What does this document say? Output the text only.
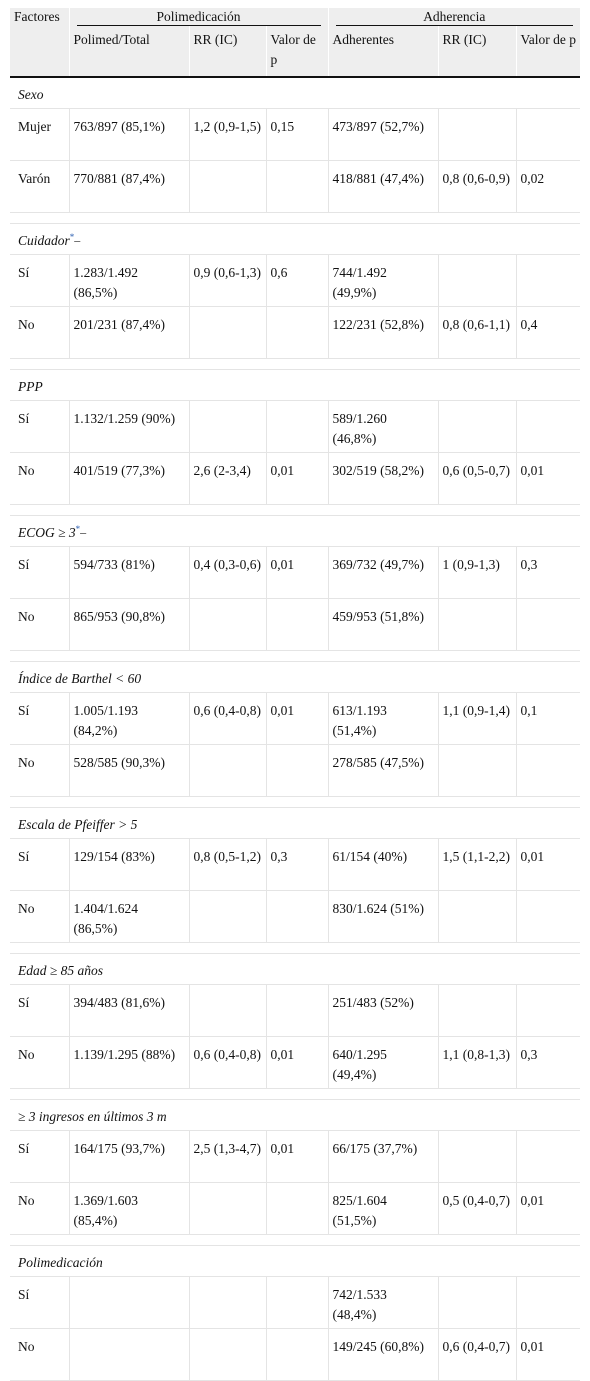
Factores	Polimedicación			Adherencia		

	Polimed/Total	RR (IC)	Valor de p	Adherentes	RR (IC)	Valor de p
Sexo						
Mujer	763/897 (85,1%)	1,2 (0,9-1,5)	0,15	473/897 (52,7%)		
Varón	770/881 (87,4%)			418/881 (47,4%)	0,8 (0,6-0,9)	0,02

Cuidador* –
Sí	1.283/1.492 (86,5%)	0,9 (0,6-1,3)	0,6	744/1.492 (49,9%)		
No	201/231 (87,4%)			122/231 (52,8%)	0,8 (0,6-1,1)	0,4

PPP						
Sí	1.132/1.259 (90%)			589/1.260 (46,8%)		
No	401/519 (77,3%)	2,6 (2-3,4)	0,01	302/519 (58,2%)	0,6 (0,5-0,7)	0,01

ECOG ≥ 3* –
Sí	594/733 (81%)	0,4 (0,3-0,6)	0,01	369/732 (49,7%)	1 (0,9-1,3)	0,3
No	865/953 (90,8%)			459/953 (51,8%)		

Índice de Barthel < 60						
Sí	1.005/1.193 (84,2%)	0,6 (0,4-0,8)	0,01	613/1.193 (51,4%)	1,1 (0,9-1,4)	0,1
No	528/585 (90,3%)			278/585 (47,5%)		

Escala de Pfeiffer > 5						
Sí	129/154 (83%)	0,8 (0,5-1,2)	0,3	61/154 (40%)	1,5 (1,1-2,2)	0,01
No	1.404/1.624 (86,5%)			830/1.624 (51%)		

Edad ≥ 85 años						
Sí	394/483 (81,6%)			251/483 (52%)		
No	1.139/1.295 (88%)	0,6 (0,4-0,8)	0,01	640/1.295 (49,4%)	1,1 (0,8-1,3)	0,3

≥ 3 ingresos en últimos 3 m						
Sí	164/175 (93,7%)	2,5 (1,3-4,7)	0,01	66/175 (37,7%)		
No	1.369/1.603 (85,4%)			825/1.604 (51,5%)	0,5 (0,4-0,7)	0,01

Polimedicación						
Sí				742/1.533 (48,4%)		
No				149/245 (60,8%)	0,6 (0,4-0,7)	0,01
